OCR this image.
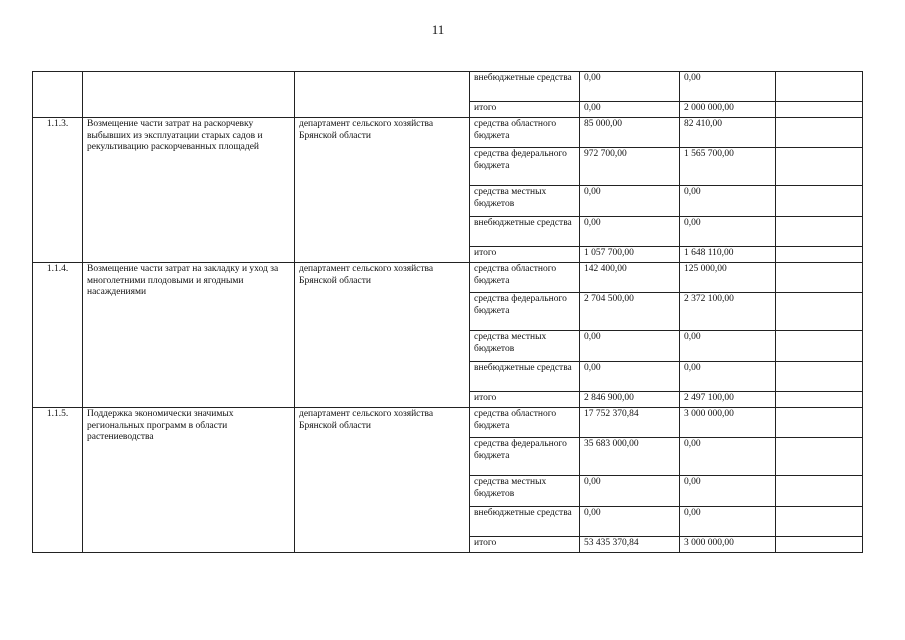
11
			внебюджетные средства	0,00	0,00	
			итого	0,00	2 000 000,00	
1.1.3.	Возмещение части затрат на раскорчевку выбывших из эксплуатации старых садов и рекультивацию раскорчеванных площадей	департамент сельского хозяйства Брянской области	средства областного бюджета	85 000,00	82 410,00	
			средства федерального бюджета	972 700,00	1 565 700,00	
			средства местных бюджетов	0,00	0,00	
			внебюджетные средства	0,00	0,00	
			итого	1 057 700,00	1 648 110,00	
1.1.4.	Возмещение части затрат на закладку и уход за многолетними плодовыми и ягодными насаждениями	департамент сельского хозяйства Брянской области	средства областного бюджета	142 400,00	125 000,00	
			средства федерального бюджета	2 704 500,00	2 372 100,00	
			средства местных бюджетов	0,00	0,00	
			внебюджетные средства	0,00	0,00	
			итого	2 846 900,00	2 497 100,00	
1.1.5.	Поддержка экономически значимых региональных программ в области растениеводства	департамент сельского хозяйства Брянской области	средства областного бюджета	17 752 370,84	3 000 000,00	
			средства федерального бюджета	35 683 000,00	0,00	
			средства местных бюджетов	0,00	0,00	
			внебюджетные средства	0,00	0,00	
			итого	53 435 370,84	3 000 000,00	
